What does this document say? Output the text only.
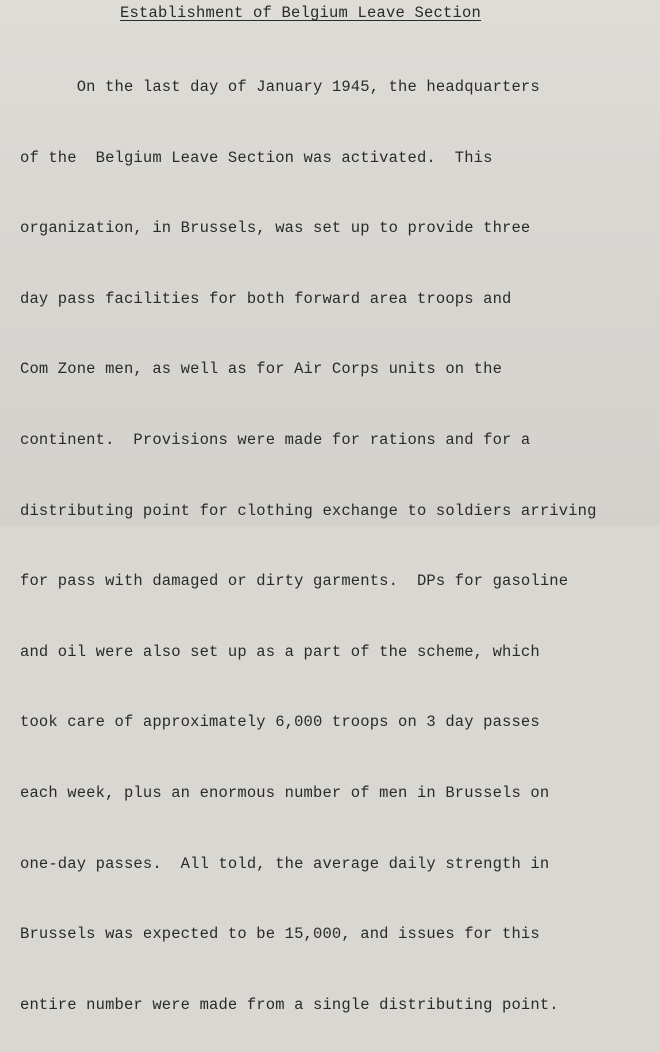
Establishment of Belgium Leave Section

On the last day of January 1945, the headquarters

of the  Belgium Leave Section was activated.  This

organization, in Brussels, was set up to provide three

day pass facilities for both forward area troops and

Com Zone men, as well as for Air Corps units on the

continent.  Provisions were made for rations and for a

distributing point for clothing exchange to soldiers arriving

for pass with damaged or dirty garments.  DPs for gasoline

and oil were also set up as a part of the scheme, which

took care of approximately 6,000 troops on 3 day passes

each week, plus an enormous number of men in Brussels on

one-day passes.  All told, the average daily strength in

Brussels was expected to be 15,000, and issues for this

entire number were made from a single distributing point.
